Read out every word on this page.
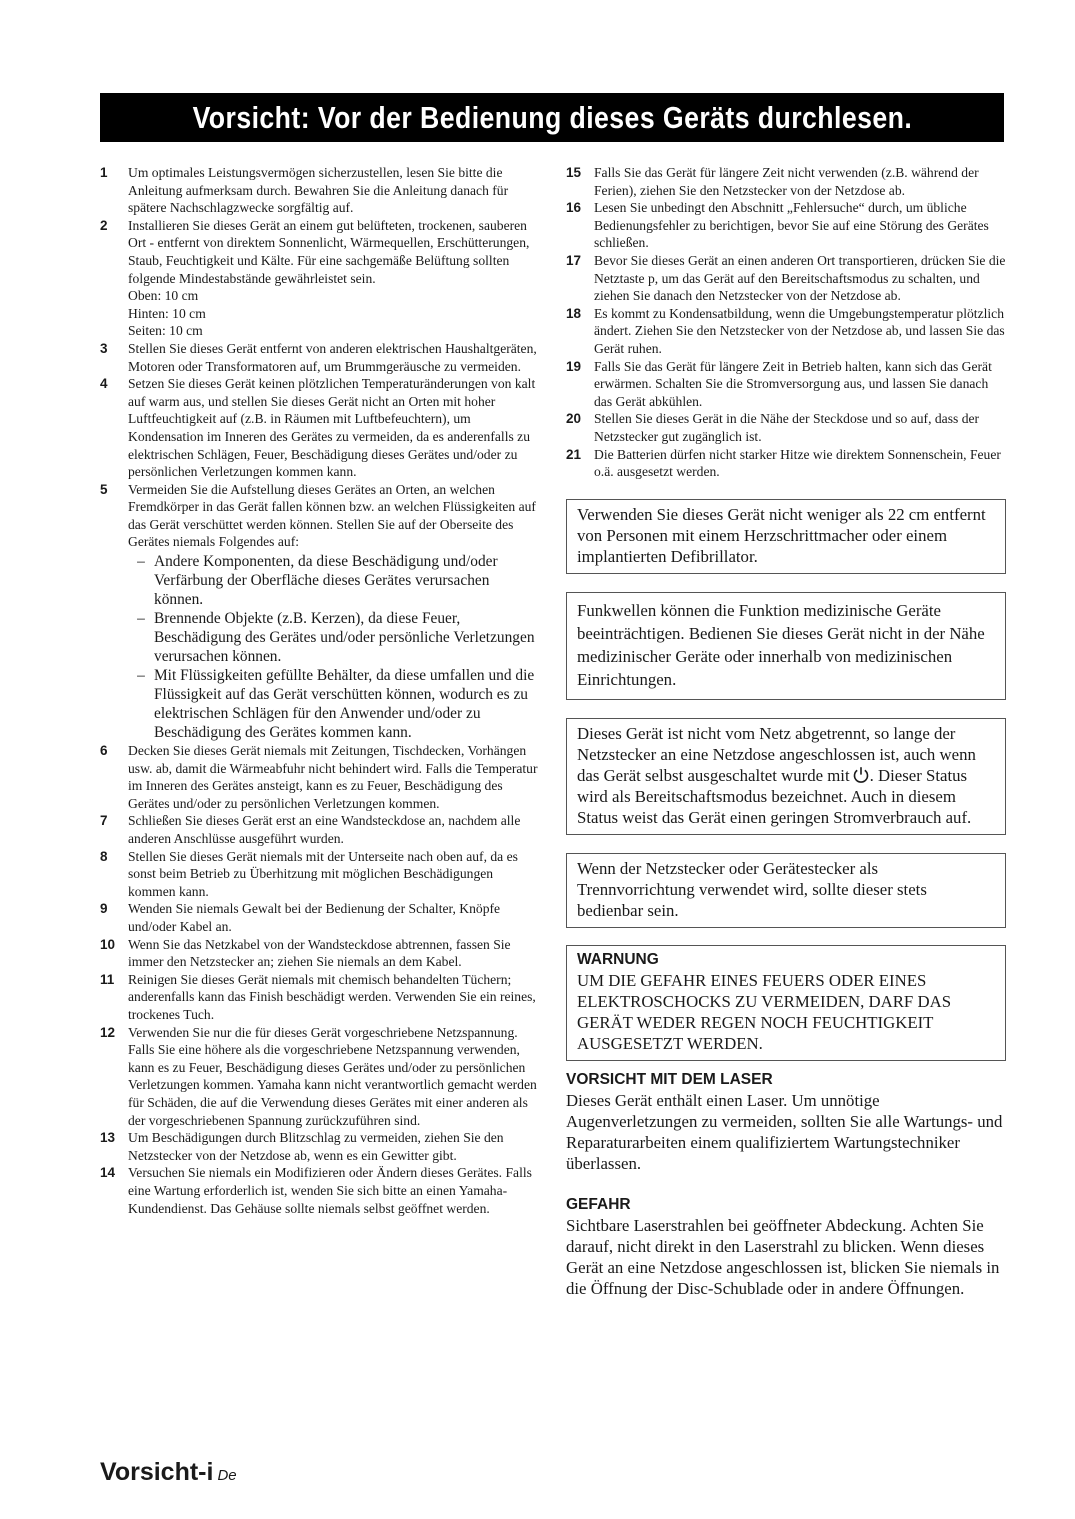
Vorsicht: Vor der Bedienung dieses Geräts durchlesen.
1	Um optimales Leistungsvermögen sicherzustellen, lesen Sie bitte die Anleitung aufmerksam durch. Bewahren Sie die Anleitung danach für spätere Nachschlagzwecke sorgfältig auf.

2	Installieren Sie dieses Gerät an einem gut belüfteten, trockenen, sauberen Ort - entfernt von direktem Sonnenlicht, Wärmequellen, Erschütterungen, Staub, Feuchtigkeit und Kälte. Für eine sachgemäße Belüftung sollten folgende Mindestabstände gewährleistet sein.

Oben: 10 cm

Hinten: 10 cm

Seiten: 10 cm

3	Stellen Sie dieses Gerät entfernt von anderen elektrischen Haushaltgeräten, Motoren oder Transformatoren auf, um Brummgeräusche zu vermeiden.

4	Setzen Sie dieses Gerät keinen plötzlichen Temperaturänderungen von kalt auf warm aus, und stellen Sie dieses Gerät nicht an Orten mit hoher Luftfeuchtigkeit auf (z.B. in Räumen mit Luftbefeuchtern), um Kondensation im Inneren des Gerätes zu vermeiden, da es anderenfalls zu elektrischen Schlägen, Feuer, Beschädigung dieses Gerätes und/oder zu persönlichen Verletzungen kommen kann.

5	Vermeiden Sie die Aufstellung dieses Gerätes an Orten, an welchen Fremdkörper in das Gerät fallen können bzw. an welchen Flüssigkeiten auf das Gerät verschüttet werden können. Stellen Sie auf der Oberseite des Gerätes niemals Folgendes auf:

– Andere Komponenten, da diese Beschädigung und/oder Verfärbung der Oberfläche dieses Gerätes verursachen können.
– Brennende Objekte (z.B. Kerzen), da diese Feuer, Beschädigung des Gerätes und/oder persönliche Verletzungen verursachen können.
– Mit Flüssigkeiten gefüllte Behälter, da diese umfallen und die Flüssigkeit auf das Gerät verschütten können, wodurch es zu elektrischen Schlägen für den Anwender und/oder zu Beschädigung des Gerätes kommen kann.
6	Decken Sie dieses Gerät niemals mit Zeitungen, Tischdecken, Vorhängen usw. ab, damit die Wärmeabfuhr nicht behindert wird. Falls die Temperatur im Inneren des Gerätes ansteigt, kann es zu Feuer, Beschädigung des Gerätes und/oder zu persönlichen Verletzungen kommen.

7	Schließen Sie dieses Gerät erst an eine Wandsteckdose an, nachdem alle anderen Anschlüsse ausgeführt wurden.

8	Stellen Sie dieses Gerät niemals mit der Unterseite nach oben auf, da es sonst beim Betrieb zu Überhitzung mit möglichen Beschädigungen kommen kann.

9	Wenden Sie niemals Gewalt bei der Bedienung der Schalter, Knöpfe und/oder Kabel an.

10 Wenn Sie das Netzkabel von der Wandsteckdose abtrennen, fassen Sie immer den Netzstecker an; ziehen Sie niemals an dem Kabel.

11	Reinigen Sie dieses Gerät niemals mit chemisch behandelten Tüchern; anderenfalls kann das Finish beschädigt werden. Verwenden Sie ein reines, trockenes Tuch.

12 Verwenden Sie nur die für dieses Gerät vorgeschriebene Netzspannung. Falls Sie eine höhere als die vorgeschriebene Netzspannung verwenden, kann es zu Feuer, Beschädigung dieses Gerätes und/oder zu persönlichen Verletzungen kommen. Yamaha kann nicht verantwortlich gemacht werden für Schäden, die auf die Verwendung dieses Gerätes mit einer anderen als der vorgeschriebenen Spannung zurückzuführen sind.

13 Um Beschädigungen durch Blitzschlag zu vermeiden, ziehen Sie den Netzstecker von der Netzdose ab, wenn es ein Gewitter gibt.

14 Versuchen Sie niemals ein Modifizieren oder Ändern dieses Gerätes. Falls eine Wartung erforderlich ist, wenden Sie sich bitte an einen Yamaha-Kundendienst. Das Gehäuse sollte niemals selbst geöffnet werden.

15 Falls Sie das Gerät für längere Zeit nicht verwenden (z.B. während der Ferien), ziehen Sie den Netzstecker von der Netzdose ab.

16 Lesen Sie unbedingt den Abschnitt „Fehlersuche“ durch, um übliche Bedienungsfehler zu berichtigen, bevor Sie auf eine Störung des Gerätes schließen.

17 Bevor Sie dieses Gerät an einen anderen Ort transportieren, drücken Sie die Netztaste p, um das Gerät auf den Bereitschaftsmodus zu schalten, und ziehen Sie danach den Netzstecker von der Netzdose ab.

18 Es kommt zu Kondensatbildung, wenn die Umgebungstemperatur plötzlich ändert. Ziehen Sie den Netzstecker von der Netzdose ab, und lassen Sie das Gerät ruhen.

19 Falls Sie das Gerät für längere Zeit in Betrieb halten, kann sich das Gerät erwärmen. Schalten Sie die Stromversorgung aus, und lassen Sie danach das Gerät abkühlen.

20 Stellen Sie dieses Gerät in die Nähe der Steckdose und so auf, dass der Netzstecker gut zugänglich ist.

21 Die Batterien dürfen nicht starker Hitze wie direktem Sonnenschein, Feuer o.ä. ausgesetzt werden.

Verwenden Sie dieses Gerät nicht weniger als 22 cm entfernt von Personen mit einem Herzschrittmacher oder einem implantierten Defibrillator.

Funkwellen können die Funktion medizinische Geräte beeinträchtigen. Bedienen Sie dieses Gerät nicht in der Nähe medizinischer Geräte oder innerhalb von medizinischen Einrichtungen.

Dieses Gerät ist nicht vom Netz abgetrennt, so lange der Netzstecker an eine Netzdose angeschlossen ist, auch wenn das Gerät selbst ausgeschaltet wurde mit . Dieser Status wird als Bereitschaftsmodus bezeichnet. Auch in diesem Status weist das Gerät einen geringen Stromverbrauch auf.

Wenn der Netzstecker oder Gerätestecker als Trennvorrichtung verwendet wird, sollte dieser stets bedienbar sein.

WARNUNG

UM DIE GEFAHR EINES FEUERS ODER EINES ELEKTROSCHOCKS ZU VERMEIDEN, DARF DAS GERÄT WEDER REGEN NOCH FEUCHTIGKEIT AUSGESETZT WERDEN.

VORSICHT MIT DEM LASER

Dieses Gerät enthält einen Laser. Um unnötige Augenverletzungen zu vermeiden, sollten Sie alle Wartungs- und Reparaturarbeiten einem qualifiziertem Wartungstechniker überlassen.

GEFAHR

Sichtbare Laserstrahlen bei geöffneter Abdeckung. Achten Sie darauf, nicht direkt in den Laserstrahl zu blicken. Wenn dieses Gerät an eine Netzdose angeschlossen ist, blicken Sie niemals in die Öffnung der Disc-Schublade oder in andere Öffnungen.

Vorsicht-i De
